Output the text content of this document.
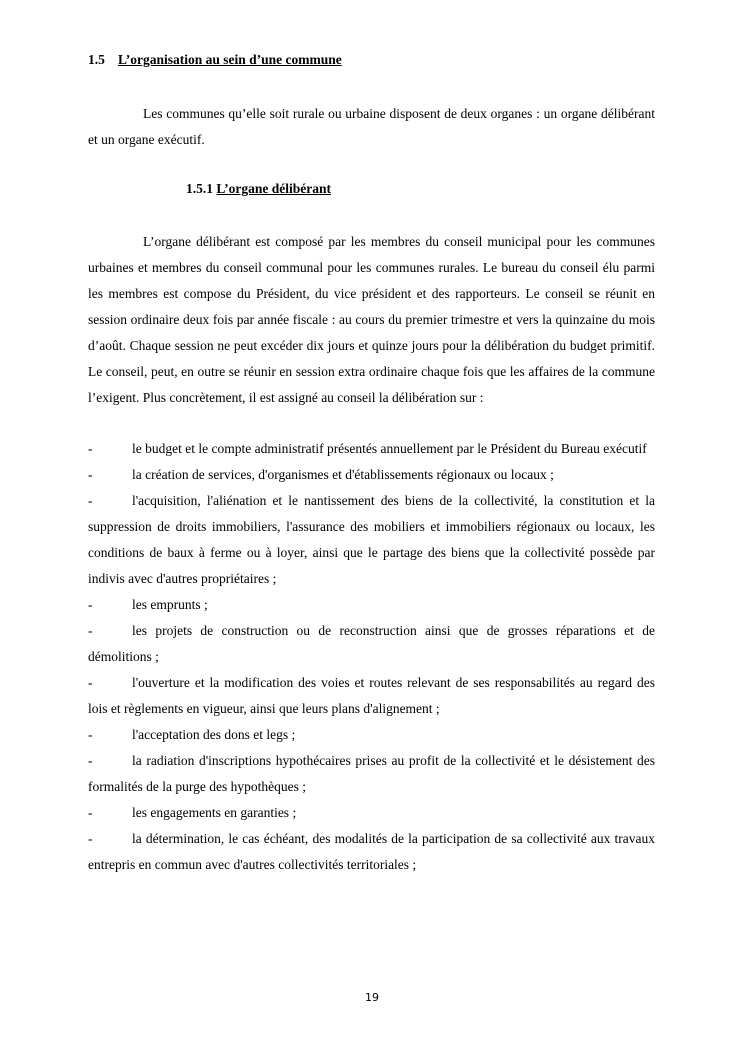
1.5 L’organisation au sein d’une commune

Les communes qu’elle soit rurale ou urbaine disposent de deux organes : un organe délibérant et un organe exécutif.

1.5.1 L’organe délibérant

L’organe délibérant est composé par les membres du conseil municipal pour les communes urbaines et membres du conseil communal pour les communes rurales. Le bureau du conseil élu parmi les membres est compose du Président, du vice président et des rapporteurs. Le conseil se réunit en session ordinaire deux fois par année fiscale : au cours du premier trimestre et vers la quinzaine du mois d’août. Chaque session ne peut excéder dix jours et quinze jours pour la délibération du budget primitif. Le conseil, peut, en outre se réunir en session extra ordinaire chaque fois que les affaires de la commune l’exigent. Plus concrètement, il est assigné au conseil la délibération sur :

-	le budget et le compte administratif présentés annuellement par le Président du Bureau exécutif
-	la création de services, d'organismes et d'établissements régionaux ou locaux ;
-	l'acquisition, l'aliénation et le nantissement des biens de la collectivité, la constitution et la suppression de droits immobiliers, l'assurance des mobiliers et immobiliers régionaux ou locaux, les conditions de baux à ferme ou à loyer, ainsi que le partage des biens que la collectivité possède par indivis avec d'autres propriétaires ;
-	les emprunts ;
-	les projets de construction ou de reconstruction ainsi que de grosses réparations et de démolitions ;
-	l'ouverture et la modification des voies et routes relevant de ses responsabilités au regard des lois et règlements en vigueur, ainsi que leurs plans d'alignement ;
-	l'acceptation des dons et legs ;
-	la radiation d'inscriptions hypothécaires prises au profit de la collectivité et le désistement des formalités de la purge des hypothèques ;
-	les engagements en garanties ;
-	la détermination, le cas échéant, des modalités de la participation de sa collectivité aux travaux entrepris en commun avec d'autres collectivités territoriales ;
19
